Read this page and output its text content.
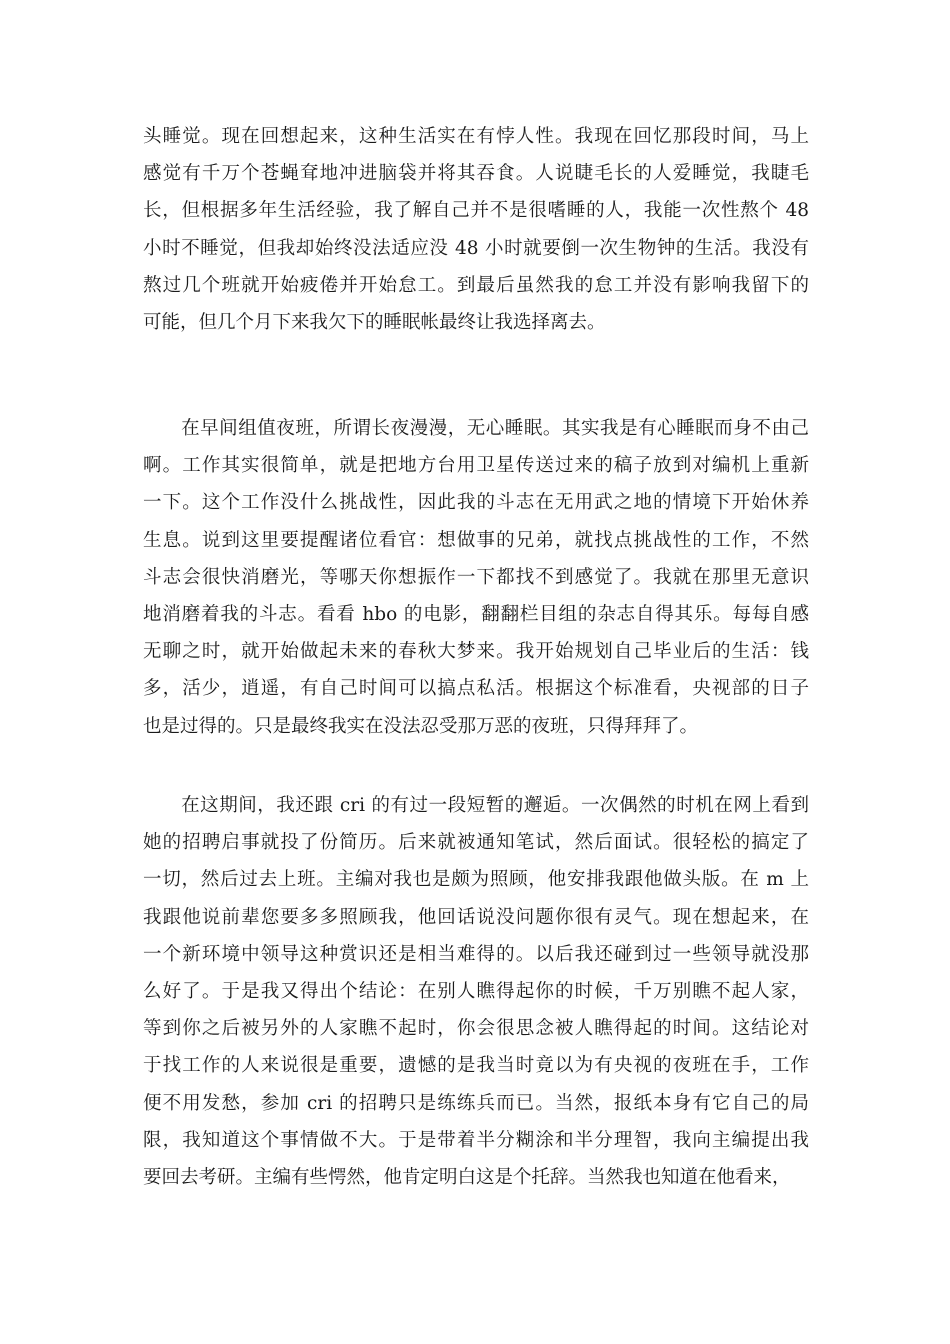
头睡觉。现在回想起来，这种生活实在有悖人性。我现在回忆那段时间，马上
感觉有千万个苍蝇耷地冲进脑袋并将其吞食。人说睫毛长的人爱睡觉，我睫毛
长，但根据多年生活经验，我了解自己并不是很嗜睡的人，我能一次性熬个 48
小时不睡觉，但我却始终没法适应没 48 小时就要倒一次生物钟的生活。我没有
熬过几个班就开始疲倦并开始怠工。到最后虽然我的怠工并没有影响我留下的
可能，但几个月下来我欠下的睡眠帐最终让我选择离去。
　　在早间组值夜班，所谓长夜漫漫，无心睡眠。其实我是有心睡眠而身不由己
啊。工作其实很简单，就是把地方台用卫星传送过来的稿子放到对编机上重新
一下。这个工作没什么挑战性，因此我的斗志在无用武之地的情境下开始休养
生息。说到这里要提醒诸位看官：想做事的兄弟，就找点挑战性的工作，不然
斗志会很快消磨光，等哪天你想振作一下都找不到感觉了。我就在那里无意识
地消磨着我的斗志。看看 hbo 的电影，翻翻栏目组的杂志自得其乐。每每自感
无聊之时，就开始做起未来的春秋大梦来。我开始规划自己毕业后的生活：钱
多，活少，逍遥，有自己时间可以搞点私活。根据这个标准看，央视部的日子
也是过得的。只是最终我实在没法忍受那万恶的夜班，只得拜拜了。
　　在这期间，我还跟 cri 的有过一段短暂的邂逅。一次偶然的时机在网上看到
她的招聘启事就投了份简历。后来就被通知笔试，然后面试。很轻松的搞定了
一切，然后过去上班。主编对我也是颇为照顾，他安排我跟他做头版。在 m 上
我跟他说前辈您要多多照顾我，他回话说没问题你很有灵气。现在想起来，在
一个新环境中领导这种赏识还是相当难得的。以后我还碰到过一些领导就没那
么好了。于是我又得出个结论：在别人瞧得起你的时候，千万别瞧不起人家，
等到你之后被另外的人家瞧不起时，你会很思念被人瞧得起的时间。这结论对
于找工作的人来说很是重要，遗憾的是我当时竟以为有央视的夜班在手，工作
便不用发愁，参加 cri 的招聘只是练练兵而已。当然，报纸本身有它自己的局
限，我知道这个事情做不大。于是带着半分糊涂和半分理智，我向主编提出我
要回去考研。主编有些愕然，他肯定明白这是个托辞。当然我也知道在他看来，
